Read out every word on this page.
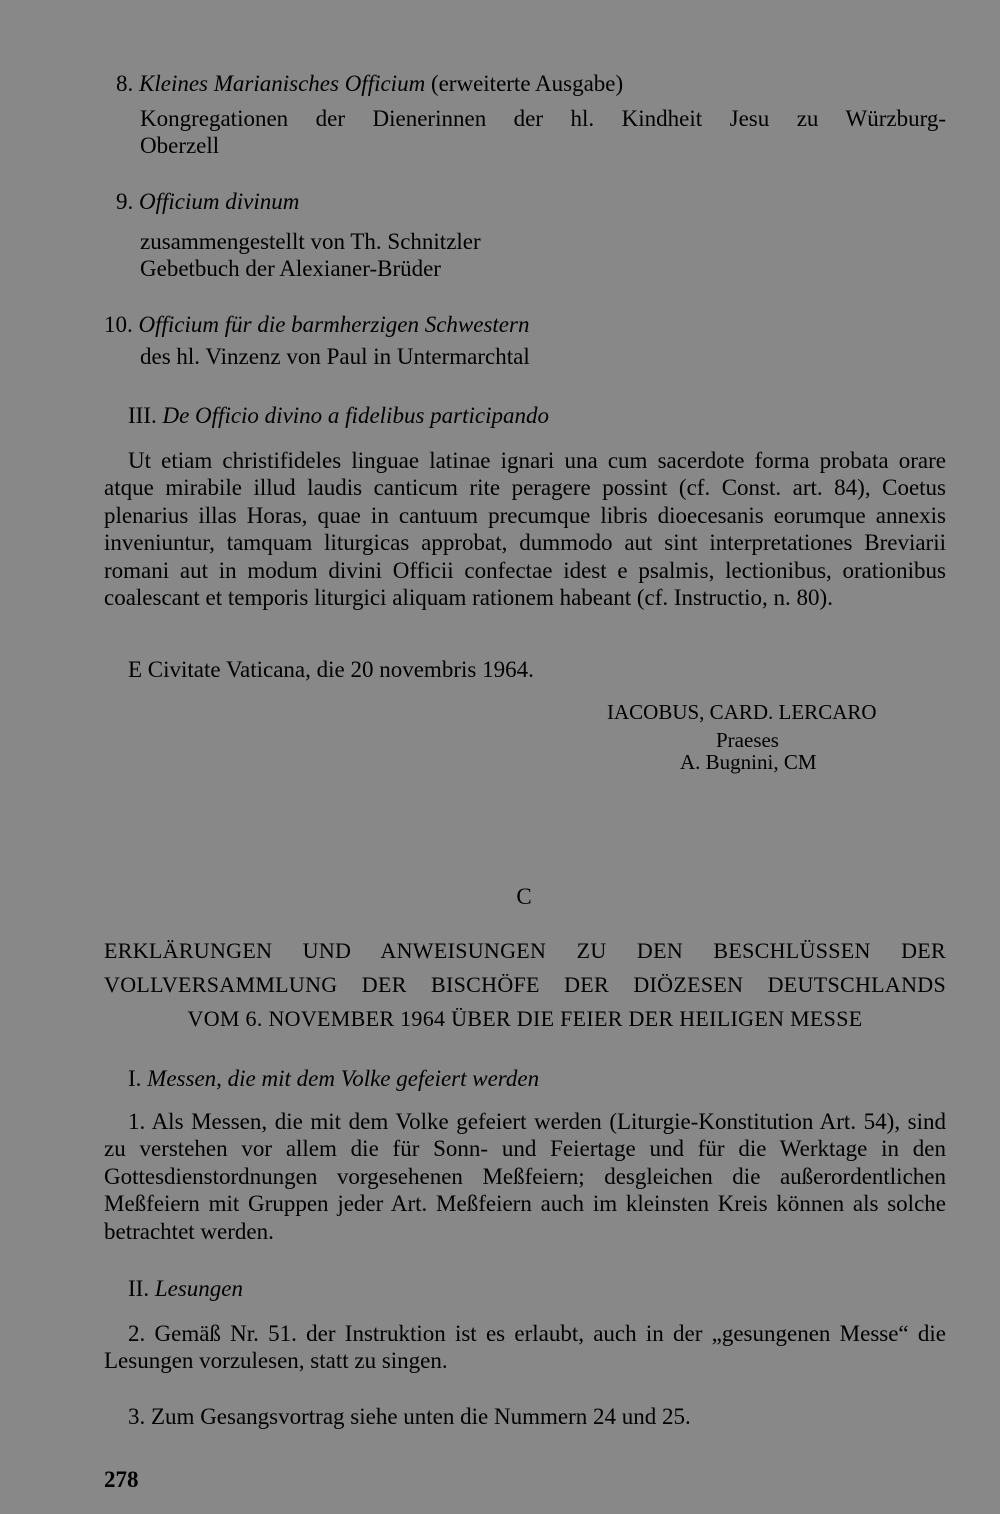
8. Kleines Marianisches Officium (erweiterte Ausgabe)
Kongregationen der Dienerinnen der hl. Kindheit Jesu zu Würzburg-
Oberzell
9. Officium divinum
zusammengestellt von Th. Schnitzler
Gebetbuch der Alexianer-Brüder
10. Officium für die barmherzigen Schwestern
des hl. Vinzenz von Paul in Untermarchtal
III. De Officio divino a fidelibus participando
Ut etiam christifideles linguae latinae ignari una cum sacerdote forma probata orare atque mirabile illud laudis canticum rite peragere possint (cf. Const. art. 84), Coetus plenarius illas Horas, quae in cantuum precumque libris dioecesanis eorumque annexis inveniuntur, tamquam liturgicas approbat, dummodo aut sint interpretationes Breviarii romani aut in modum divini Officii confectae idest e psalmis, lectionibus, orationibus coalescant et temporis liturgici aliquam rationem habeant (cf. Instructio, n. 80).
E Civitate Vaticana, die 20 novembris 1964.
IACOBUS, CARD. LERCARO
Praeses
A. Bugnini, CM
C
ERKLÄRUNGEN UND ANWEISUNGEN ZU DEN BESCHLÜSSEN DER
VOLLVERSAMMLUNG DER BISCHÖFE DER DIÖZESEN DEUTSCHLANDS
VOM 6. NOVEMBER 1964 ÜBER DIE FEIER DER HEILIGEN MESSE
I. Messen, die mit dem Volke gefeiert werden
1. Als Messen, die mit dem Volke gefeiert werden (Liturgie-Konstitution Art. 54), sind zu verstehen vor allem die für Sonn- und Feiertage und für die Werktage in den Gottesdienstordnungen vorgesehenen Meßfeiern; desgleichen die außerordentlichen Meßfeiern mit Gruppen jeder Art. Meßfeiern auch im kleinsten Kreis können als solche betrachtet werden.
II. Lesungen
2. Gemäß Nr. 51. der Instruktion ist es erlaubt, auch in der „gesungenen Messe“ die Lesungen vorzulesen, statt zu singen.
3. Zum Gesangsvortrag siehe unten die Nummern 24 und 25.
278
